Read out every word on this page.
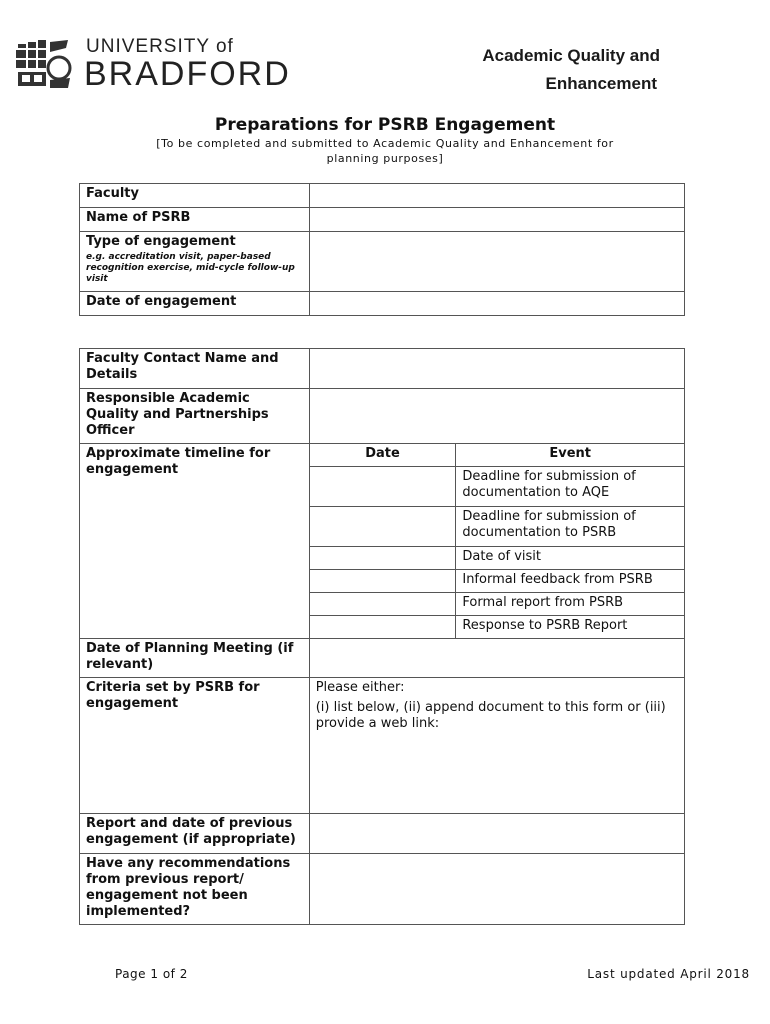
UNIVERSITY of
BRADFORD	Academic Quality and
Enhancement
Preparations for PSRB Engagement
[To be completed and submitted to Academic Quality and Enhancement for planning purposes]
Faculty	
Name of PSRB	
Type of engagement
e.g. accreditation visit, paper-based recognition exercise, mid-cycle follow-up visit	

Date of engagement	
Faculty Contact Name and Details		
Responsible Academic Quality and Partnerships Officer		
Approximate timeline for engagement	Date	Event
		Deadline for submission of documentation to AQE
		Deadline for submission of documentation to PSRB
		Date of visit
		Informal feedback from PSRB
		Formal report from PSRB
		Response to PSRB Report
Date of Planning Meeting (if relevant)		
Criteria set by PSRB for engagement	Please either:
(i) list below, (ii) append document to this form or (iii) provide a web link:	

Report and date of previous engagement (if appropriate)		
Have any recommendations from previous report/ engagement not been implemented?		
Page 1 of 2	Last updated April 2018
